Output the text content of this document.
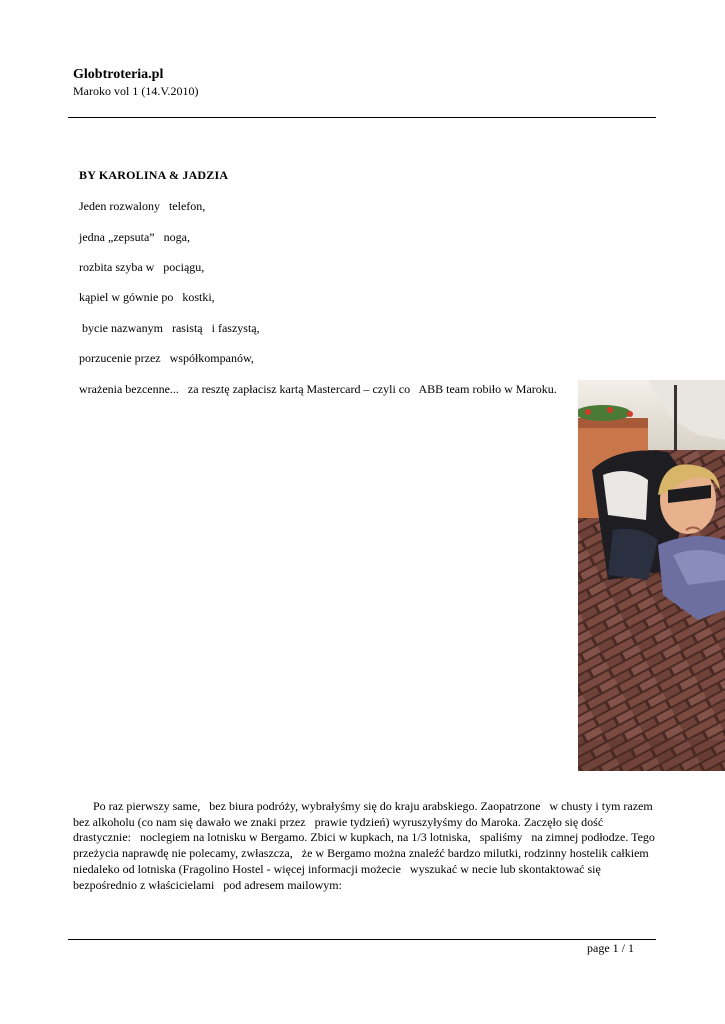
Globtroteria.pl

Maroko vol 1 (14.V.2010)

BY KAROLINA & JADZIA

Jeden rozwalony   telefon,

jedna „zepsuta”   noga,

rozbita szyba w   pociągu,

kąpiel w gównie po   kostki,

bycie nazwanym   rasistą   i faszystą,

porzucenie przez   współkompanów,

wrażenia bezcenne...   za resztę zapłacisz kartą Mastercard – czyli co   ABB team robiło w Maroku.

Po raz pierwszy same,   bez biura podróży, wybrałyśmy się do kraju arabskiego. Zaopatrzone   w chusty i tym razem bez alkoholu (co nam się dawało we znaki przez   prawie tydzień) wyruszyłyśmy do Maroka. Zaczęło się dość drastycznie:   noclegiem na lotnisku w Bergamo. Zbici w kupkach, na 1/3 lotniska,   spaliśmy   na zimnej podłodze. Tego przeżycia naprawdę nie polecamy, zwłaszcza,   że w Bergamo można znaleźć bardzo milutki, rodzinny hostelik całkiem   niedaleko od lotniska (Fragolino Hostel - więcej informacji możecie   wyszukać w necie lub skontaktować się bezpośrednio z właścicielami   pod adresem mailowym:

page 1 / 1
